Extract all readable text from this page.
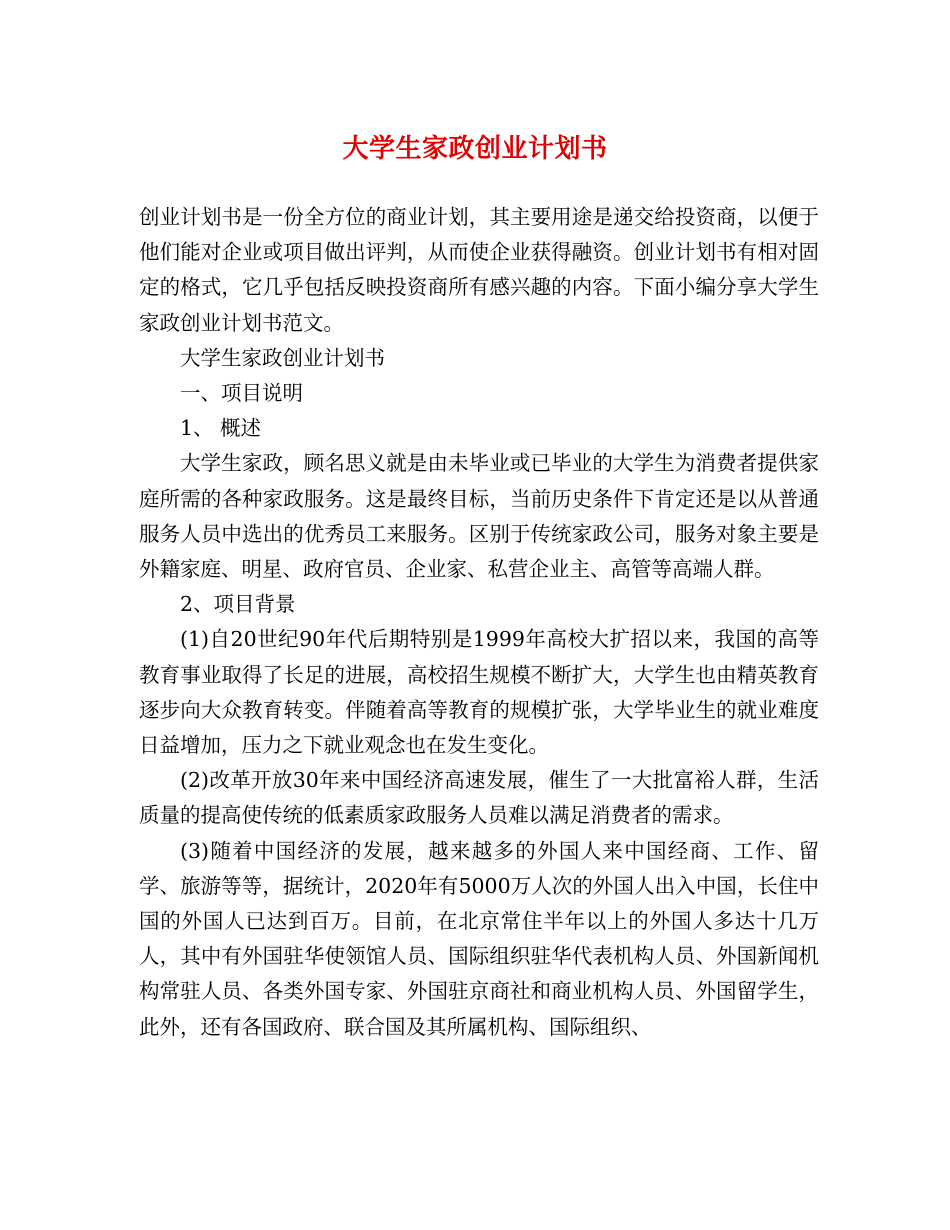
大学生家政创业计划书

创业计划书是一份全方位的商业计划，其主要用途是递交给投资商，以便于他们能对企业或项目做出评判，从而使企业获得融资。创业计划书有相对固定的格式，它几乎包括反映投资商所有感兴趣的内容。下面小编分享大学生家政创业计划书范文。

大学生家政创业计划书

一、项目说明

1、 概述

大学生家政，顾名思义就是由未毕业或已毕业的大学生为消费者提供家庭所需的各种家政服务。这是最终目标，当前历史条件下肯定还是以从普通服务人员中选出的优秀员工来服务。区别于传统家政公司，服务对象主要是外籍家庭、明星、政府官员、企业家、私营企业主、高管等高端人群。

2、项目背景

(1)自20世纪90年代后期特别是1999年高校大扩招以来，我国的高等教育事业取得了长足的进展，高校招生规模不断扩大，大学生也由精英教育逐步向大众教育转变。伴随着高等教育的规模扩张，大学毕业生的就业难度日益增加，压力之下就业观念也在发生变化。

(2)改革开放30年来中国经济高速发展，催生了一大批富裕人群，生活质量的提高使传统的低素质家政服务人员难以满足消费者的需求。

(3)随着中国经济的发展，越来越多的外国人来中国经商、工作、留学、旅游等等，据统计，2020年有5000万人次的外国人出入中国，长住中国的外国人已达到百万。目前，在北京常住半年以上的外国人多达十几万人，其中有外国驻华使领馆人员、国际组织驻华代表机构人员、外国新闻机构常驻人员、各类外国专家、外国驻京商社和商业机构人员、外国留学生，此外，还有各国政府、联合国及其所属机构、国际组织、
